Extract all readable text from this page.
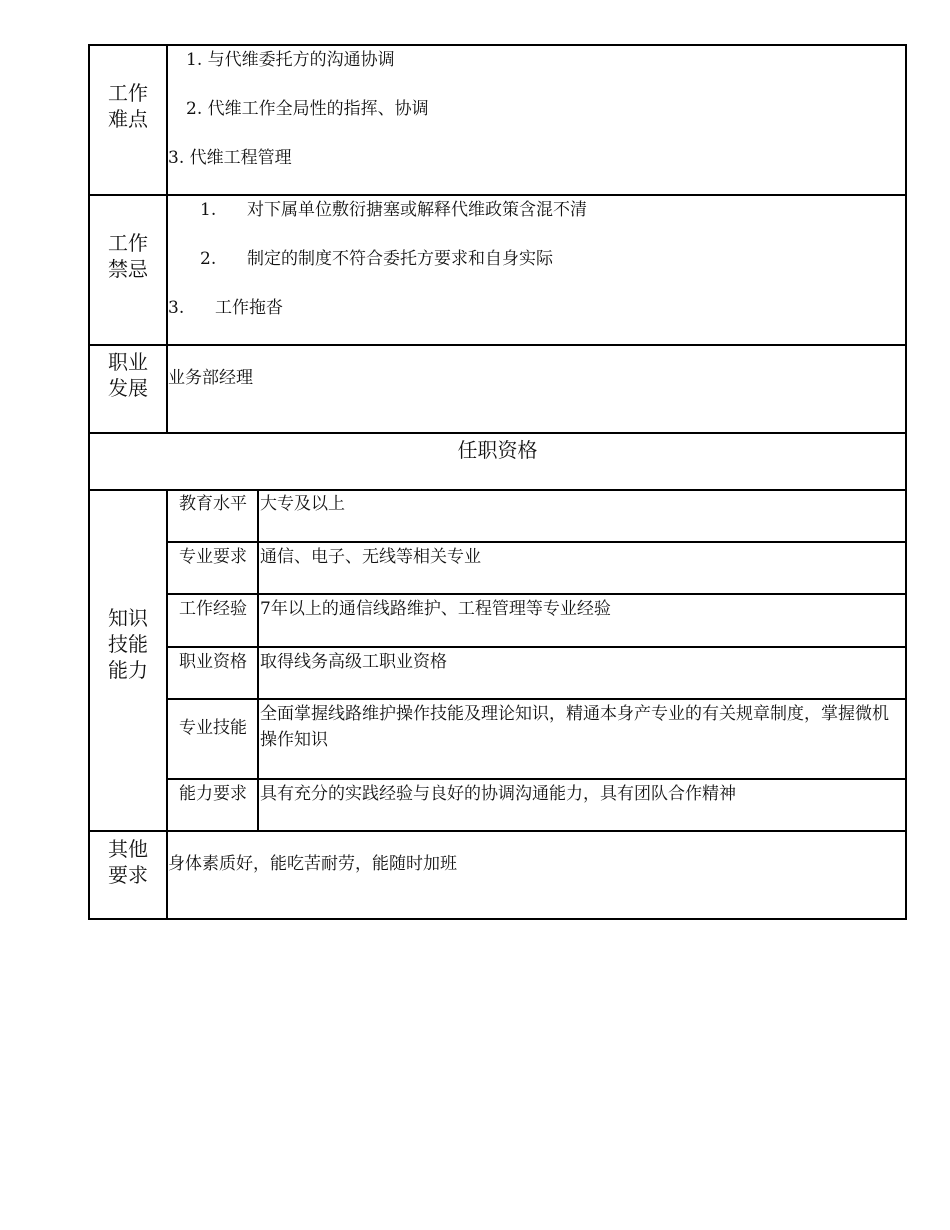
工作
难点
1. 与代维委托方的沟通协调
2. 代维工作全局性的指挥、协调
3. 代维工程管理
工作
禁忌
1. 对下属单位敷衍搪塞或解释代维政策含混不清
2. 制定的制度不符合委托方要求和自身实际
3. 工作拖沓
职业
发展	业务部经理
任职资格
知识
技能
能力
教育水平 大专及以上
专业要求 通信、电子、无线等相关专业
工作经验 7年以上的通信线路维护、工程管理等专业经验
职业资格 取得线务高级工职业资格
专业技能
全面掌握线路维护操作技能及理论知识，精通本身产专业的有关规章制度，掌握微机操作知识
能力要求 具有充分的实践经验与良好的协调沟通能力，具有团队合作精神
其他
要求	身体素质好，能吃苦耐劳，能随时加班
